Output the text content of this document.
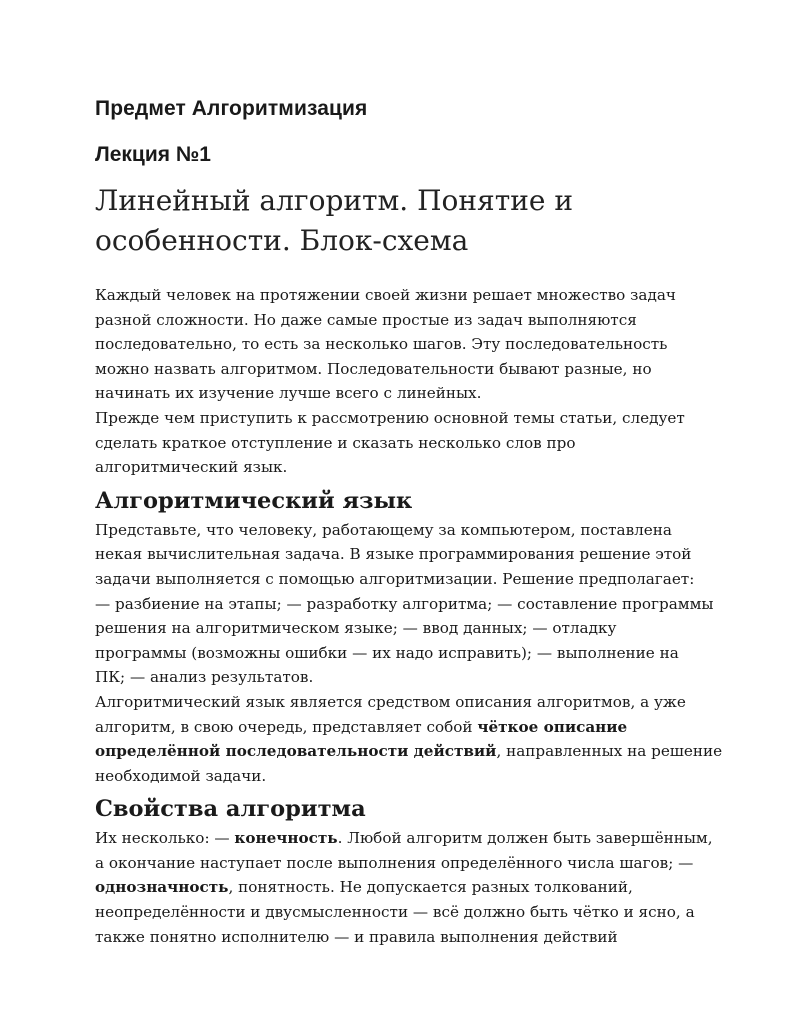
Предмет Алгоритмизация
Лекция №1
Линейный алгоритм. Понятие и
особенности. Блок-схема

Каждый человек на протяжении своей жизни решает множество задач
разной сложности. Но даже самые простые из задач выполняются
последовательно, то есть за несколько шагов. Эту последовательность
можно назвать алгоритмом. Последовательности бывают разные, но
начинать их изучение лучше всего с линейных.
Прежде чем приступить к рассмотрению основной темы статьи, следует
сделать краткое отступление и сказать несколько слов про
алгоритмический язык.

Алгоритмический язык

Представьте, что человеку, работающему за компьютером, поставлена
некая вычислительная задача. В языке программирования решение этой
задачи выполняется с помощью алгоритмизации. Решение предполагает:
— разбиение на этапы; — разработку алгоритма; — составление программы
решения на алгоритмическом языке; — ввод данных; — отладку
программы (возможны ошибки — их надо исправить); — выполнение на
ПК; — анализ результатов.
Алгоритмический язык является средством описания алгоритмов, а уже
алгоритм, в свою очередь, представляет собой чёткое описание
определённой последовательности действий, направленных на решение
необходимой задачи.

Свойства алгоритма

Их несколько: — конечность. Любой алгоритм должен быть завершённым,
а окончание наступает после выполнения определённого числа шагов; —
однозначность, понятность. Не допускается разных толкований,
неопределённости и двусмысленности — всё должно быть чётко и ясно, а
также понятно исполнителю — и правила выполнения действий
